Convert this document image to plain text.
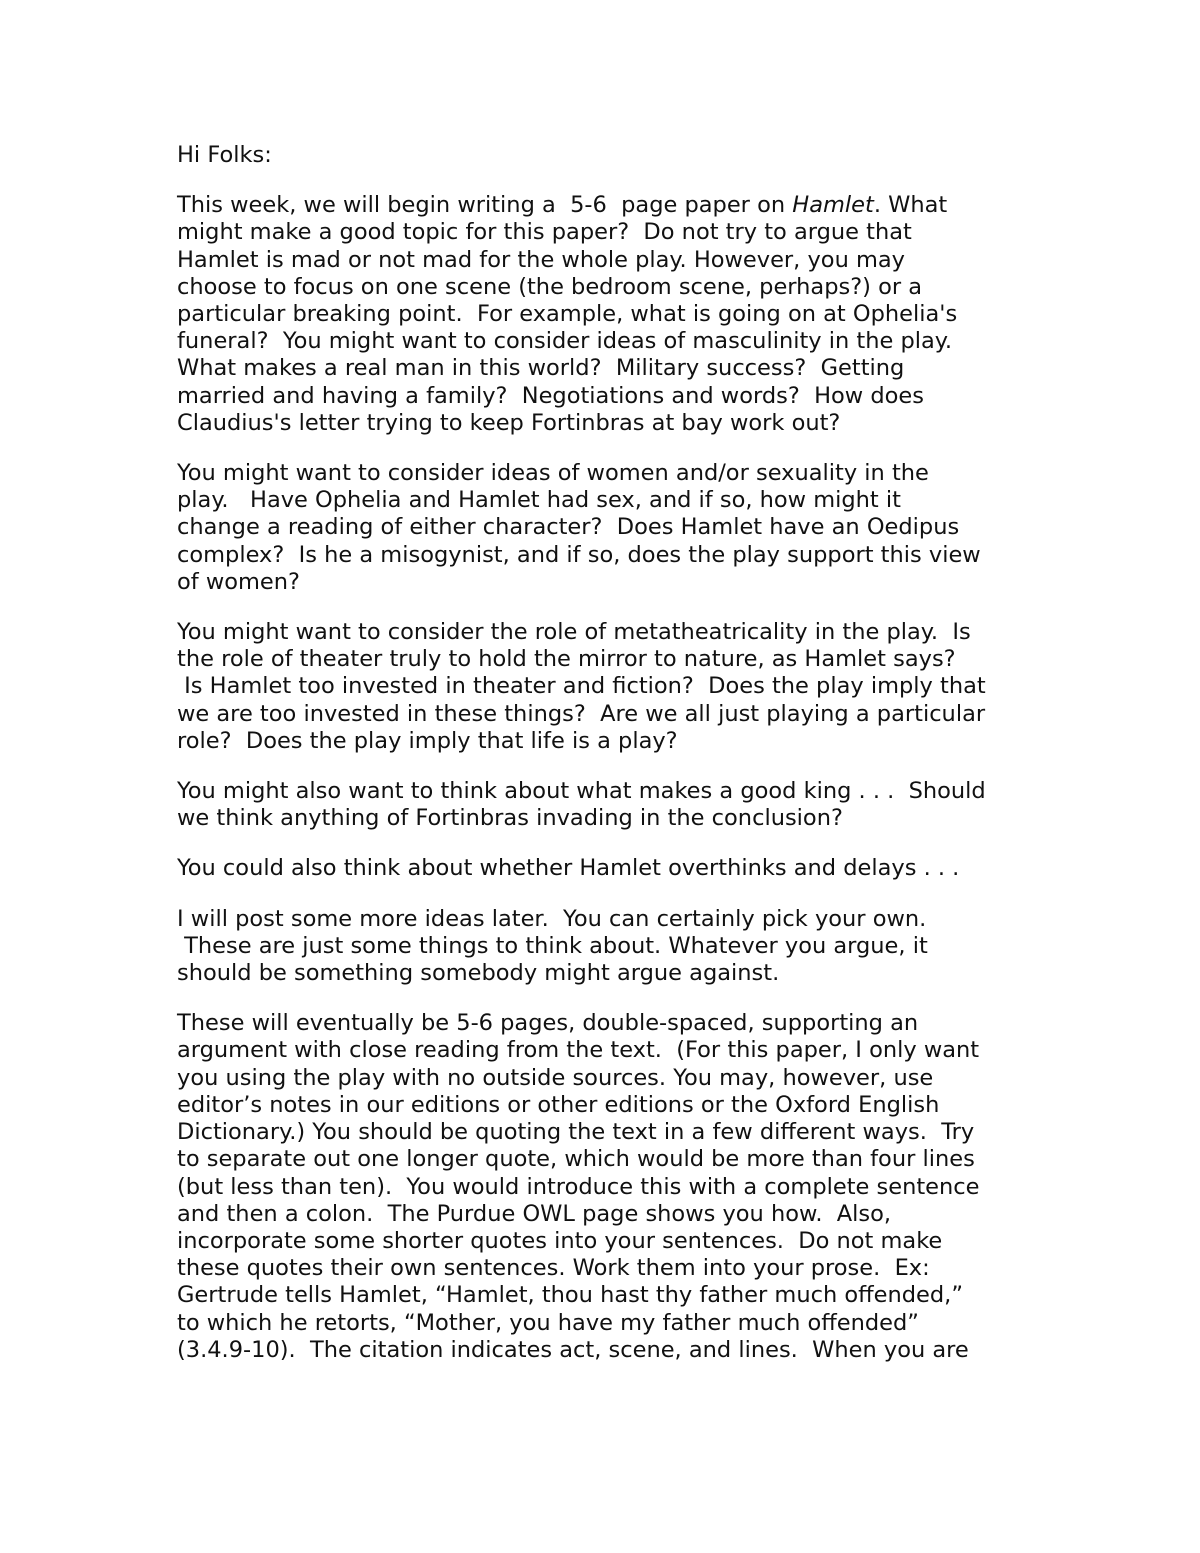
Hi Folks:

This week, we will begin writing a  5-6  page paper on Hamlet. What
might make a good topic for this paper?  Do not try to argue that
Hamlet is mad or not mad for the whole play. However, you may
choose to focus on one scene (the bedroom scene, perhaps?) or a
particular breaking point.  For example, what is going on at Ophelia's
funeral?  You might want to consider ideas of masculinity in the play.
What makes a real man in this world?  Military success?  Getting
married and having a family?  Negotiations and words?  How does
Claudius's letter trying to keep Fortinbras at bay work out?

You might want to consider ideas of women and/or sexuality in the
play.   Have Ophelia and Hamlet had sex, and if so, how might it
change a reading of either character?  Does Hamlet have an Oedipus
complex?  Is he a misogynist, and if so, does the play support this view
of women?

You might want to consider the role of metatheatricality in the play.  Is
the role of theater truly to hold the mirror to nature, as Hamlet says?
Is Hamlet too invested in theater and fiction?  Does the play imply that
we are too invested in these things?  Are we all just playing a particular
role?  Does the play imply that life is a play?

You might also want to think about what makes a good king . . .  Should
we think anything of Fortinbras invading in the conclusion?

You could also think about whether Hamlet overthinks and delays . . .

I will post some more ideas later.  You can certainly pick your own.
These are just some things to think about. Whatever you argue, it
should be something somebody might argue against.

These will eventually be 5-6 pages, double-spaced, supporting an
argument with close reading from the text.  (For this paper, I only want
you using the play with no outside sources. You may, however, use
editor’s notes in our editions or other editions or the Oxford English
Dictionary.) You should be quoting the text in a few different ways.  Try
to separate out one longer quote, which would be more than four lines
(but less than ten).  You would introduce this with a complete sentence
and then a colon.  The Purdue OWL page shows you how.  Also,
incorporate some shorter quotes into your sentences.  Do not make
these quotes their own sentences. Work them into your prose.  Ex:
Gertrude tells Hamlet, “Hamlet, thou hast thy father much offended,”
to which he retorts, “Mother, you have my father much offended”
(3.4.9-10).  The citation indicates act, scene, and lines.  When you are
